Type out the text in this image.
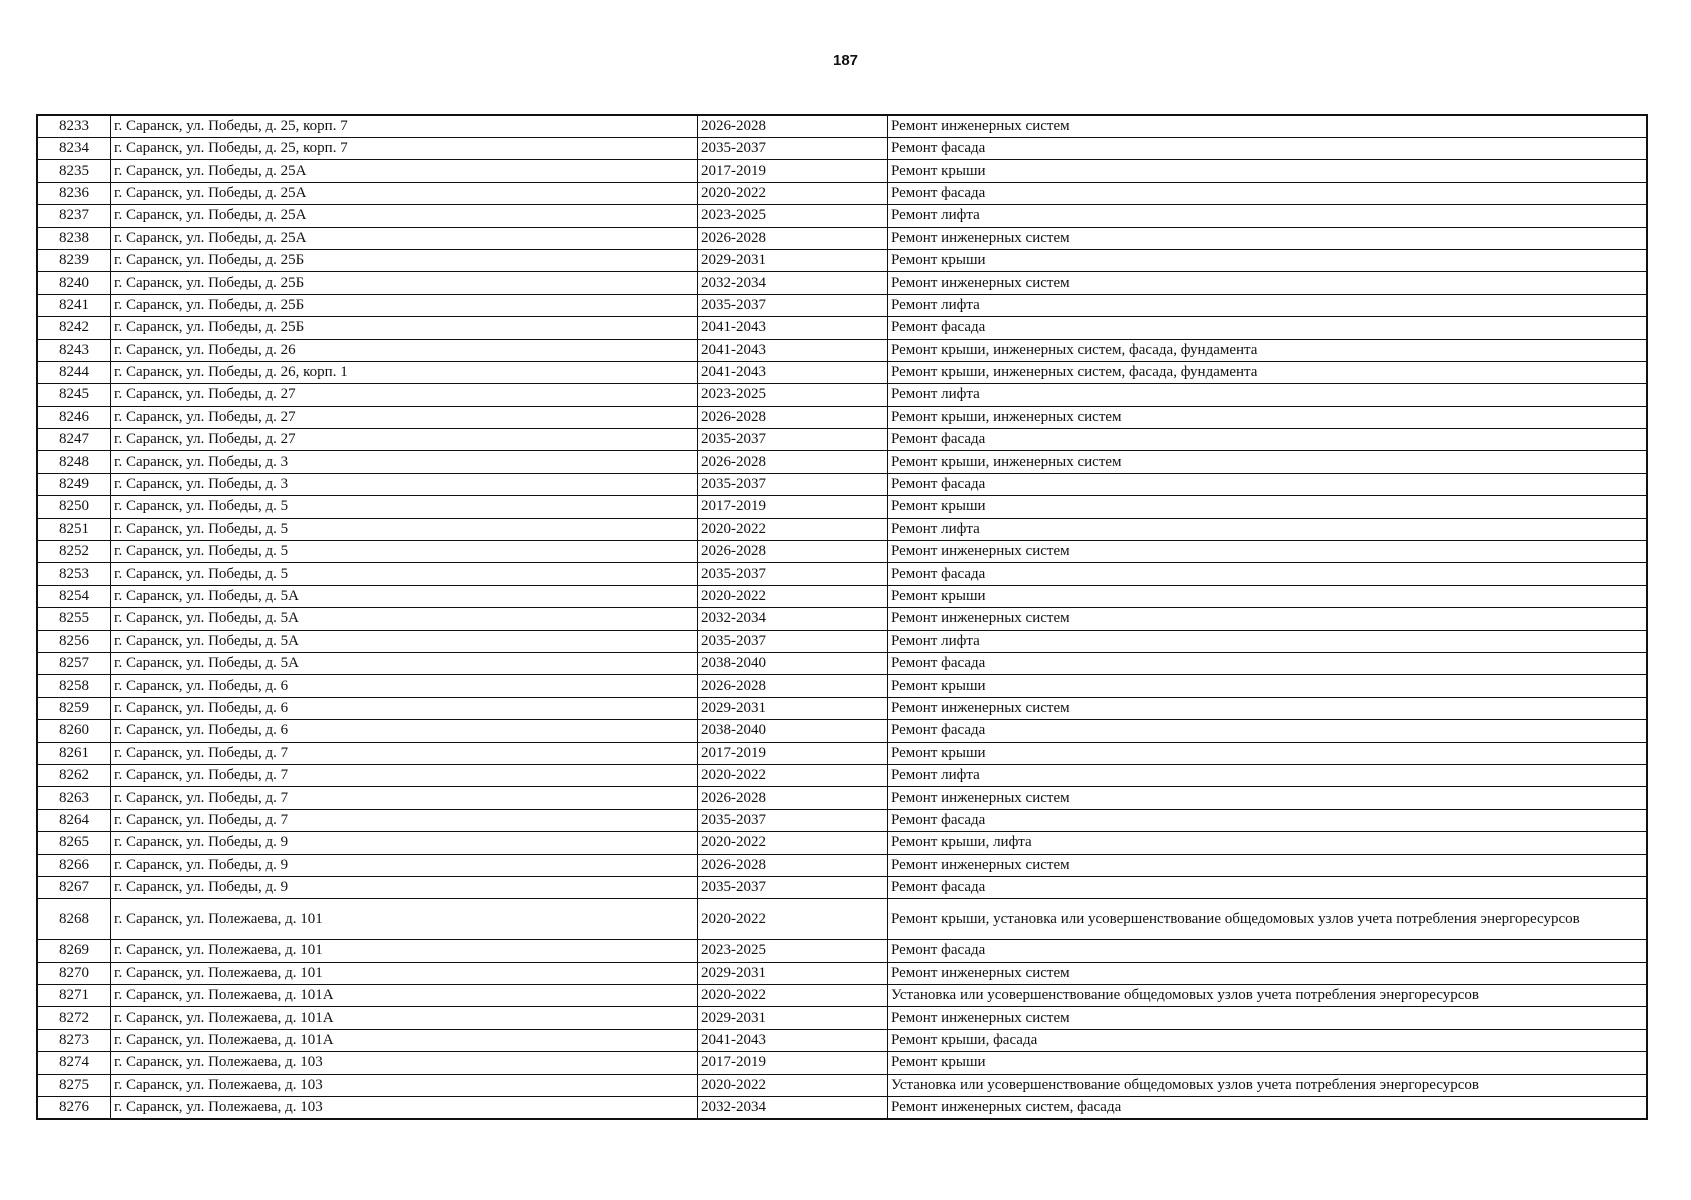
187
8233	г. Саранск, ул. Победы, д. 25, корп. 7	2026-2028	Ремонт инженерных систем
8234	г. Саранск, ул. Победы, д. 25, корп. 7	2035-2037	Ремонт фасада
8235	г. Саранск, ул. Победы, д. 25А	2017-2019	Ремонт крыши
8236	г. Саранск, ул. Победы, д. 25А	2020-2022	Ремонт фасада
8237	г. Саранск, ул. Победы, д. 25А	2023-2025	Ремонт лифта
8238	г. Саранск, ул. Победы, д. 25А	2026-2028	Ремонт инженерных систем
8239	г. Саранск, ул. Победы, д. 25Б	2029-2031	Ремонт крыши
8240	г. Саранск, ул. Победы, д. 25Б	2032-2034	Ремонт инженерных систем
8241	г. Саранск, ул. Победы, д. 25Б	2035-2037	Ремонт лифта
8242	г. Саранск, ул. Победы, д. 25Б	2041-2043	Ремонт фасада
8243	г. Саранск, ул. Победы, д. 26	2041-2043	Ремонт крыши, инженерных систем, фасада, фундамента
8244	г. Саранск, ул. Победы, д. 26, корп. 1	2041-2043	Ремонт крыши, инженерных систем, фасада, фундамента
8245	г. Саранск, ул. Победы, д. 27	2023-2025	Ремонт лифта
8246	г. Саранск, ул. Победы, д. 27	2026-2028	Ремонт крыши, инженерных систем
8247	г. Саранск, ул. Победы, д. 27	2035-2037	Ремонт фасада
8248	г. Саранск, ул. Победы, д. 3	2026-2028	Ремонт крыши, инженерных систем
8249	г. Саранск, ул. Победы, д. 3	2035-2037	Ремонт фасада
8250	г. Саранск, ул. Победы, д. 5	2017-2019	Ремонт крыши
8251	г. Саранск, ул. Победы, д. 5	2020-2022	Ремонт лифта
8252	г. Саранск, ул. Победы, д. 5	2026-2028	Ремонт инженерных систем
8253	г. Саранск, ул. Победы, д. 5	2035-2037	Ремонт фасада
8254	г. Саранск, ул. Победы, д. 5А	2020-2022	Ремонт крыши
8255	г. Саранск, ул. Победы, д. 5А	2032-2034	Ремонт инженерных систем
8256	г. Саранск, ул. Победы, д. 5А	2035-2037	Ремонт лифта
8257	г. Саранск, ул. Победы, д. 5А	2038-2040	Ремонт фасада
8258	г. Саранск, ул. Победы, д. 6	2026-2028	Ремонт крыши
8259	г. Саранск, ул. Победы, д. 6	2029-2031	Ремонт инженерных систем
8260	г. Саранск, ул. Победы, д. 6	2038-2040	Ремонт фасада
8261	г. Саранск, ул. Победы, д. 7	2017-2019	Ремонт крыши
8262	г. Саранск, ул. Победы, д. 7	2020-2022	Ремонт лифта
8263	г. Саранск, ул. Победы, д. 7	2026-2028	Ремонт инженерных систем
8264	г. Саранск, ул. Победы, д. 7	2035-2037	Ремонт фасада
8265	г. Саранск, ул. Победы, д. 9	2020-2022	Ремонт крыши, лифта
8266	г. Саранск, ул. Победы, д. 9	2026-2028	Ремонт инженерных систем
8267	г. Саранск, ул. Победы, д. 9	2035-2037	Ремонт фасада
8268	г. Саранск, ул. Полежаева, д. 101	2020-2022	Ремонт крыши, установка или усовершенствование общедомовых узлов учета потребления энергоресурсов
8269	г. Саранск, ул. Полежаева, д. 101	2023-2025	Ремонт фасада
8270	г. Саранск, ул. Полежаева, д. 101	2029-2031	Ремонт инженерных систем
8271	г. Саранск, ул. Полежаева, д. 101А	2020-2022	Установка или усовершенствование общедомовых узлов учета потребления энергоресурсов
8272	г. Саранск, ул. Полежаева, д. 101А	2029-2031	Ремонт инженерных систем
8273	г. Саранск, ул. Полежаева, д. 101А	2041-2043	Ремонт крыши, фасада
8274	г. Саранск, ул. Полежаева, д. 103	2017-2019	Ремонт крыши
8275	г. Саранск, ул. Полежаева, д. 103	2020-2022	Установка или усовершенствование общедомовых узлов учета потребления энергоресурсов
8276	г. Саранск, ул. Полежаева, д. 103	2032-2034	Ремонт инженерных систем, фасада
